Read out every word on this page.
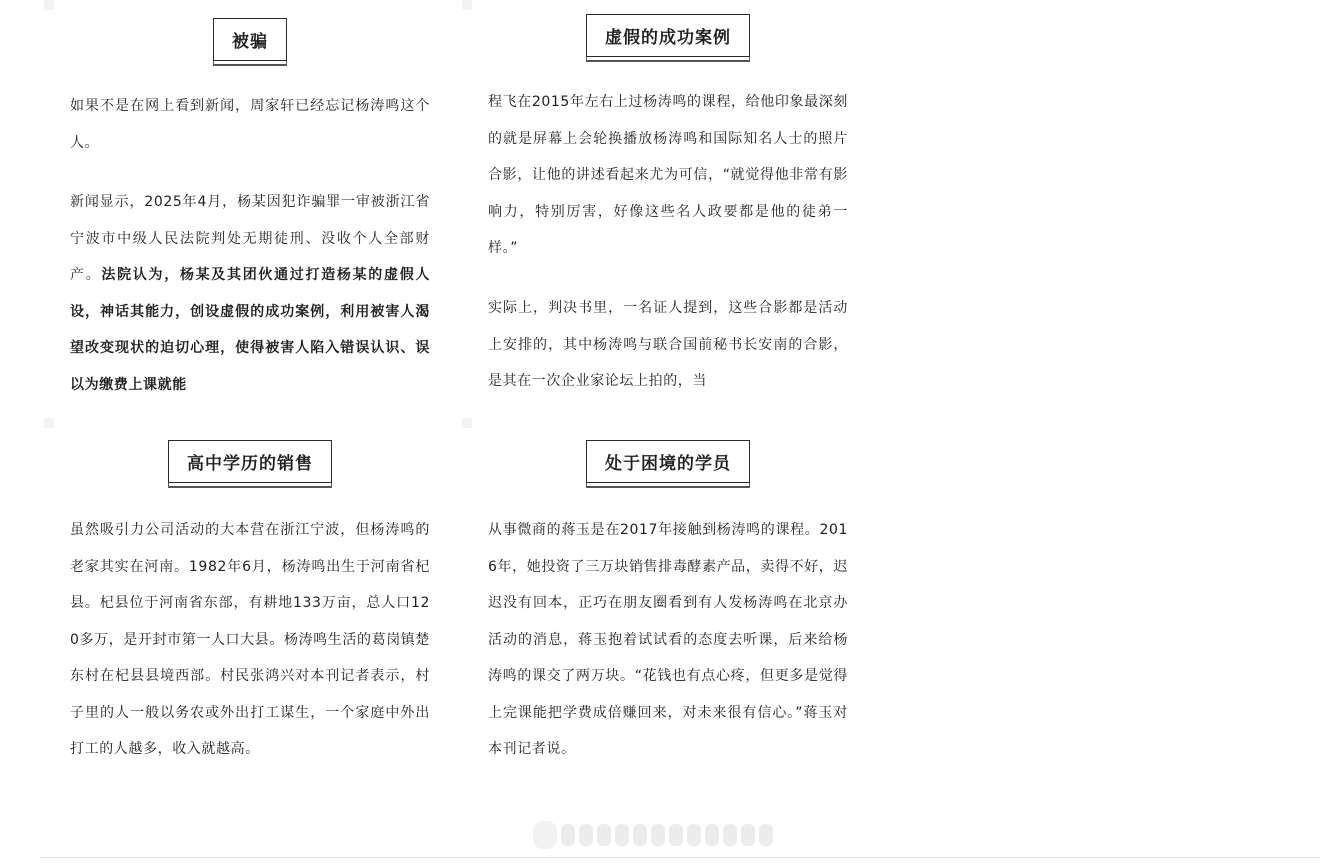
被骗

如果不是在网上看到新闻，周家轩已经忘记杨涛鸣这个人。

新闻显示，2025年4月，杨某因犯诈骗罪一审被浙江省宁波市中级人民法院判处无期徒刑、没收个人全部财产。法院认为，杨某及其团伙通过打造杨某的虚假人设，神话其能力，创设虚假的成功案例，利用被害人渴望改变现状的迫切心理，使得被害人陷入错误认识、误以为缴费上课就能

虚假的成功案例

程飞在2015年左右上过杨涛鸣的课程，给他印象最深刻的就是屏幕上会轮换播放杨涛鸣和国际知名人士的照片合影，让他的讲述看起来尤为可信，“就觉得他非常有影响力，特别厉害，好像这些名人政要都是他的徒弟一样。”

实际上，判决书里，一名证人提到，这些合影都是活动上安排的，其中杨涛鸣与联合国前秘书长安南的合影，是其在一次企业家论坛上拍的，当

高中学历的销售

虽然吸引力公司活动的大本营在浙江宁波，但杨涛鸣的老家其实在河南。1982年6月，杨涛鸣出生于河南省杞县。杞县位于河南省东部，有耕地133万亩，总人口120多万，是开封市第一人口大县。杨涛鸣生活的葛岗镇楚东村在杞县县境西部。村民张鸿兴对本刊记者表示，村子里的人一般以务农或外出打工谋生，一个家庭中外出打工的人越多，收入就越高。

处于困境的学员

从事微商的蒋玉是在2017年接触到杨涛鸣的课程。2016年，她投资了三万块销售排毒酵素产品，卖得不好，迟迟没有回本，正巧在朋友圈看到有人发杨涛鸣在北京办活动的消息，蒋玉抱着试试看的态度去听课，后来给杨涛鸣的课交了两万块。“花钱也有点心疼，但更多是觉得上完课能把学费成倍赚回来，对未来很有信心。”蒋玉对本刊记者说。
